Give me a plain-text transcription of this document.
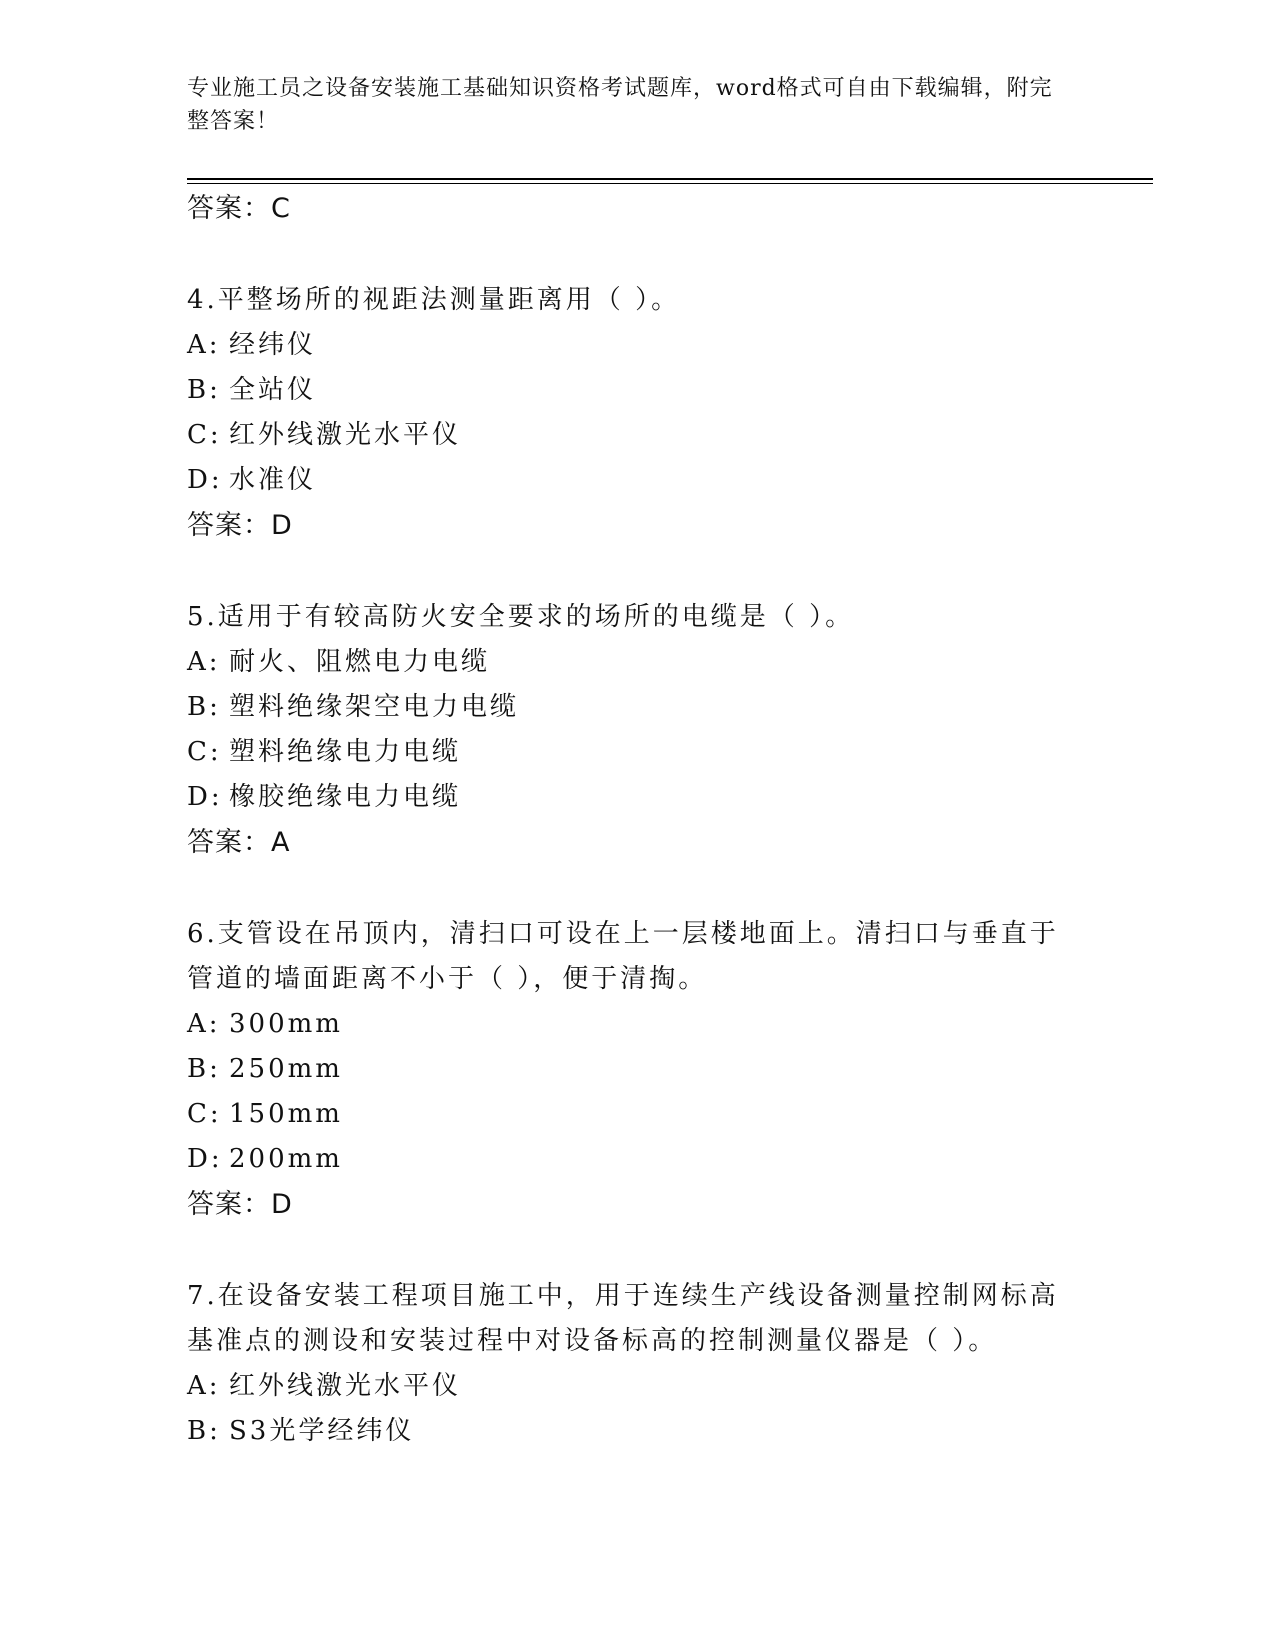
专业施工员之设备安装施工基础知识资格考试题库，word格式可自由下载编辑，附完整答案！
答案：C
4.平整场所的视距法测量距离用（ ）。
A: 经纬仪
B: 全站仪
C: 红外线激光水平仪
D: 水准仪
答案：D
5.适用于有较高防火安全要求的场所的电缆是（ ）。
A: 耐火、阻燃电力电缆
B: 塑料绝缘架空电力电缆
C: 塑料绝缘电力电缆
D: 橡胶绝缘电力电缆
答案：A
6.支管设在吊顶内，清扫口可设在上一层楼地面上。清扫口与垂直于管道的墙面距离不小于（ ），便于清掏。
A: 300mm
B: 250mm
C: 150mm
D: 200mm
答案：D
7.在设备安装工程项目施工中，用于连续生产线设备测量控制网标高基准点的测设和安装过程中对设备标高的控制测量仪器是（ ）。
A: 红外线激光水平仪
B: S3光学经纬仪
